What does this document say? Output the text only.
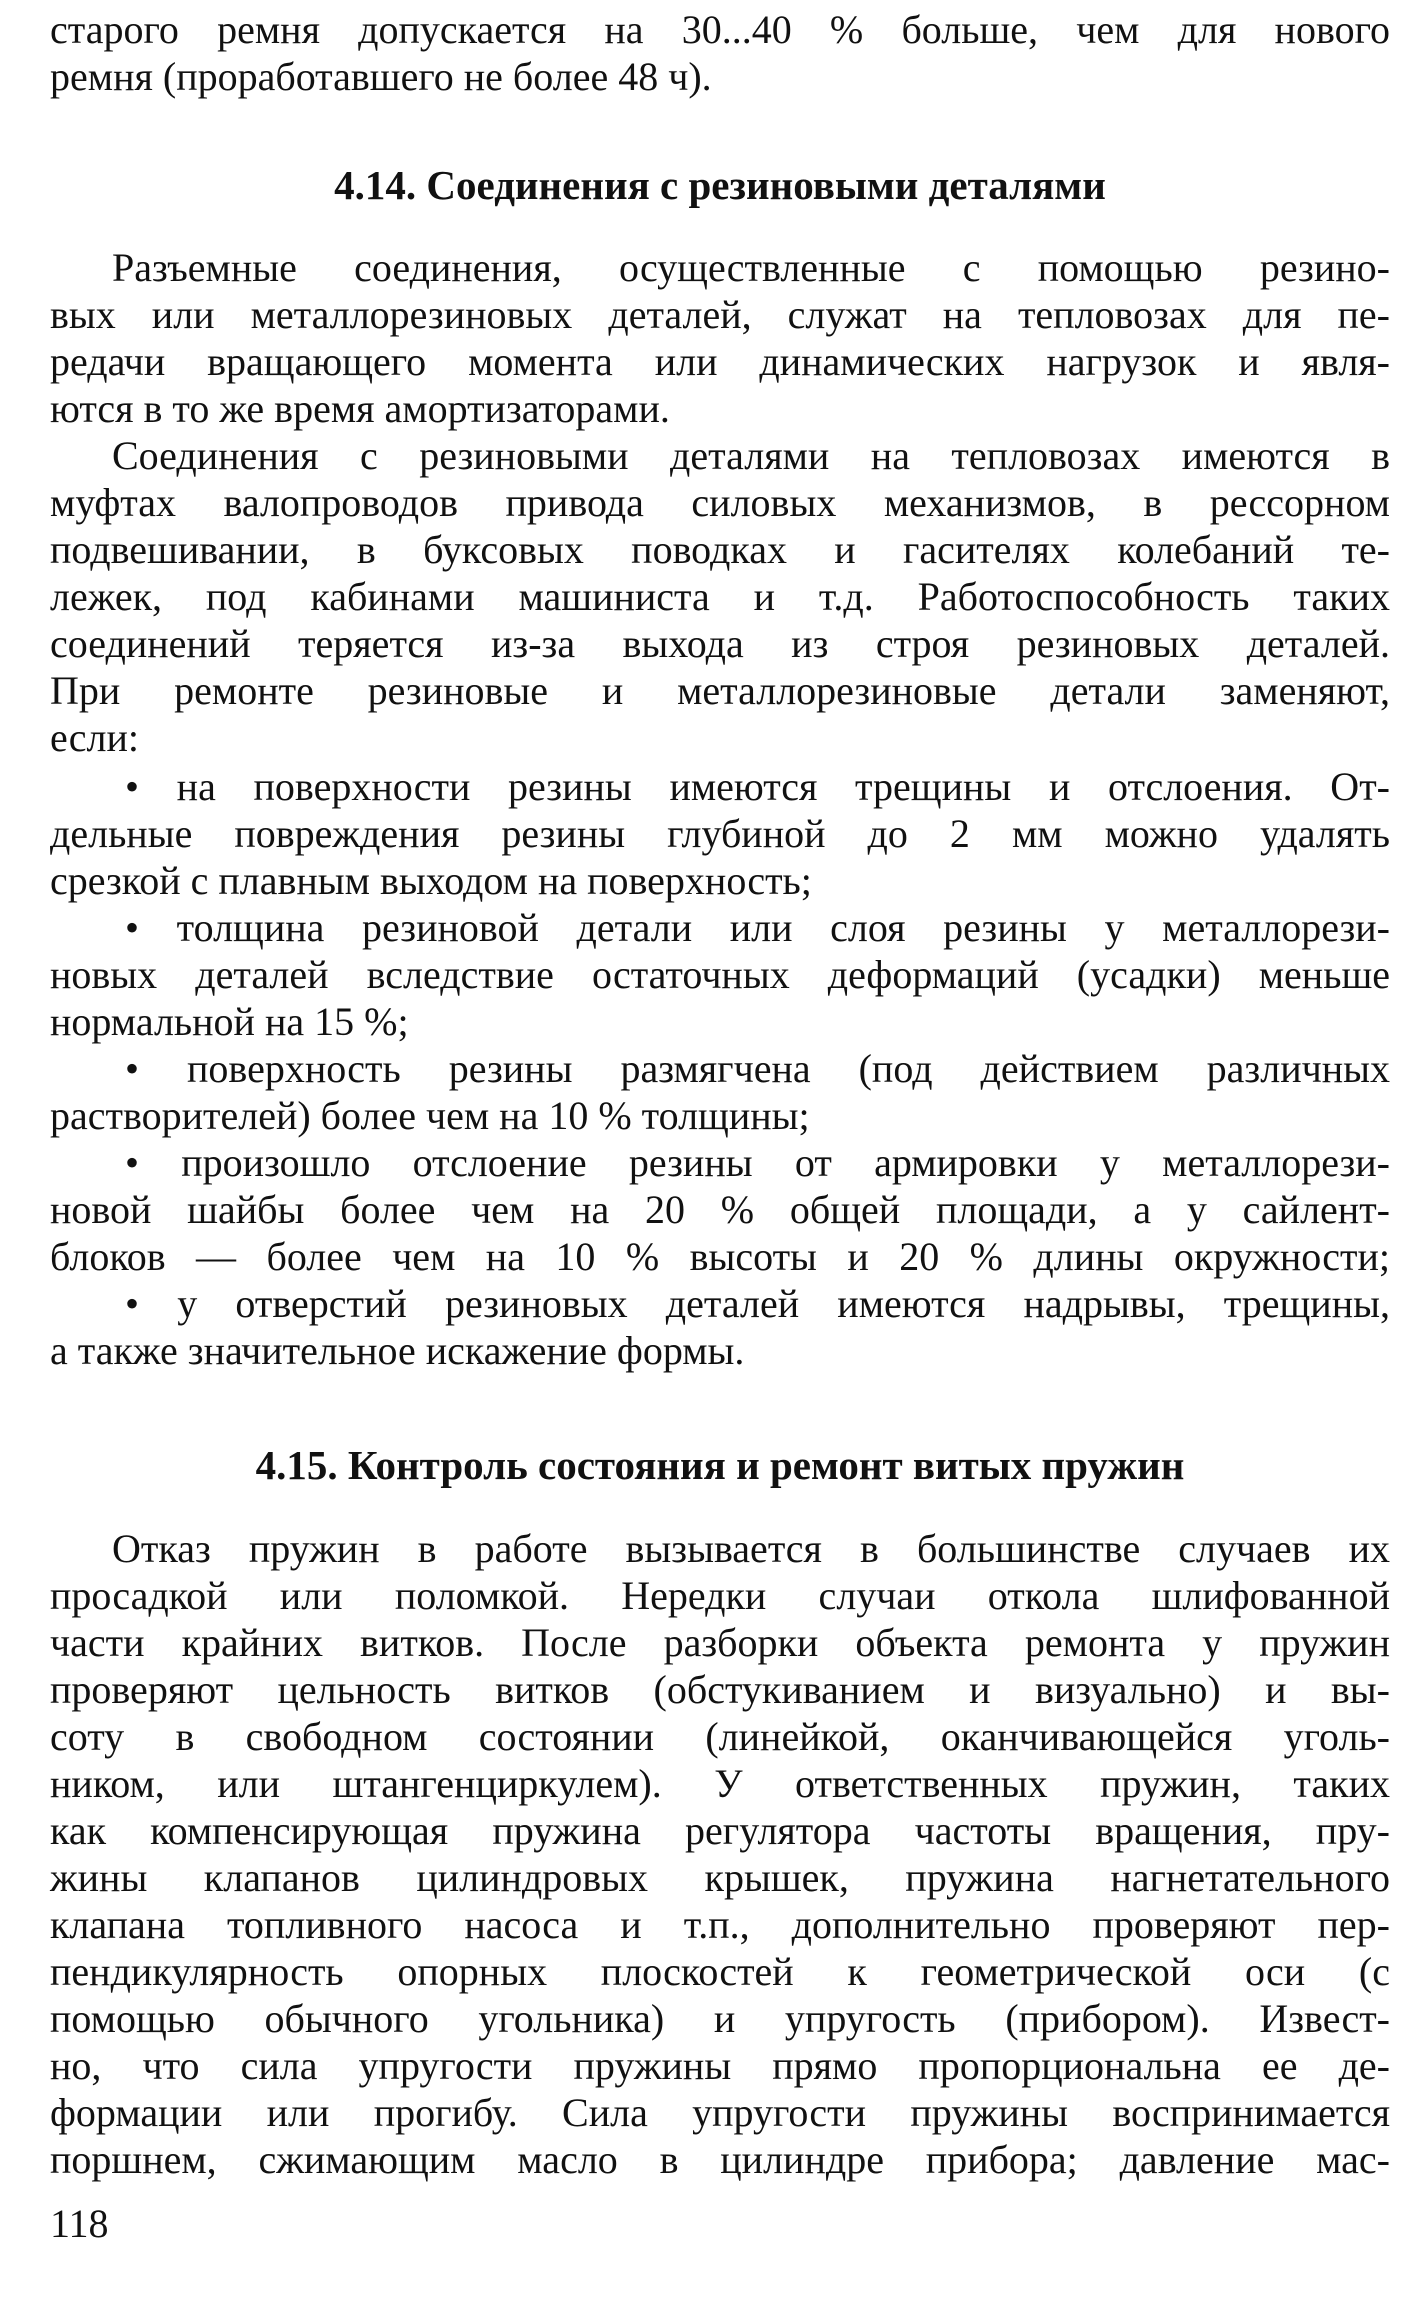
старого ремня допускается на 30...40 % больше, чем для нового
ремня (проработавшего не более 48 ч).
4.14. Соединения с резиновыми деталями
Разъемные соединения, осуществленные с помощью резино-
вых или металлорезиновых деталей, служат на тепловозах для пе-
редачи вращающего момента или динамических нагрузок и явля-
ются в то же время амортизаторами.
Соединения с резиновыми деталями на тепловозах имеются в
муфтах валопроводов привода силовых механизмов, в рессорном
подвешивании, в буксовых поводках и гасителях колебаний те-
лежек, под кабинами машиниста и т.д. Работоспособность таких
соединений теряется из-за выхода из строя резиновых деталей.
При ремонте резиновые и металлорезиновые детали заменяют,
если:
• на поверхности резины имеются трещины и отслоения. От-
дельные повреждения резины глубиной до 2 мм можно удалять
срезкой с плавным выходом на поверхность;
• толщина резиновой детали или слоя резины у металлорези-
новых деталей вследствие остаточных деформаций (усадки) меньше
нормальной на 15 %;
• поверхность резины размягчена (под действием различных
растворителей) более чем на 10 % толщины;
• произошло отслоение резины от армировки у металлорези-
новой шайбы более чем на 20 % общей площади, а у сайлент-
блоков — более чем на 10 % высоты и 20 % длины окружности;
• у отверстий резиновых деталей имеются надрывы, трещины,
а также значительное искажение формы.
4.15. Контроль состояния и ремонт витых пружин
Отказ пружин в работе вызывается в большинстве случаев их
просадкой или поломкой. Нередки случаи откола шлифованной
части крайних витков. После разборки объекта ремонта у пружин
проверяют цельность витков (обстукиванием и визуально) и вы-
соту в свободном состоянии (линейкой, оканчивающейся уголь-
ником, или штангенциркулем). У ответственных пружин, таких
как компенсирующая пружина регулятора частоты вращения, пру-
жины клапанов цилиндровых крышек, пружина нагнетательного
клапана топливного насоса и т.п., дополнительно проверяют пер-
пендикулярность опорных плоскостей к геометрической оси (с
помощью обычного угольника) и упругость (прибором). Извест-
но, что сила упругости пружины прямо пропорциональна ее де-
формации или прогибу. Сила упругости пружины воспринимается
поршнем, сжимающим масло в цилиндре прибора; давление мас-
118
